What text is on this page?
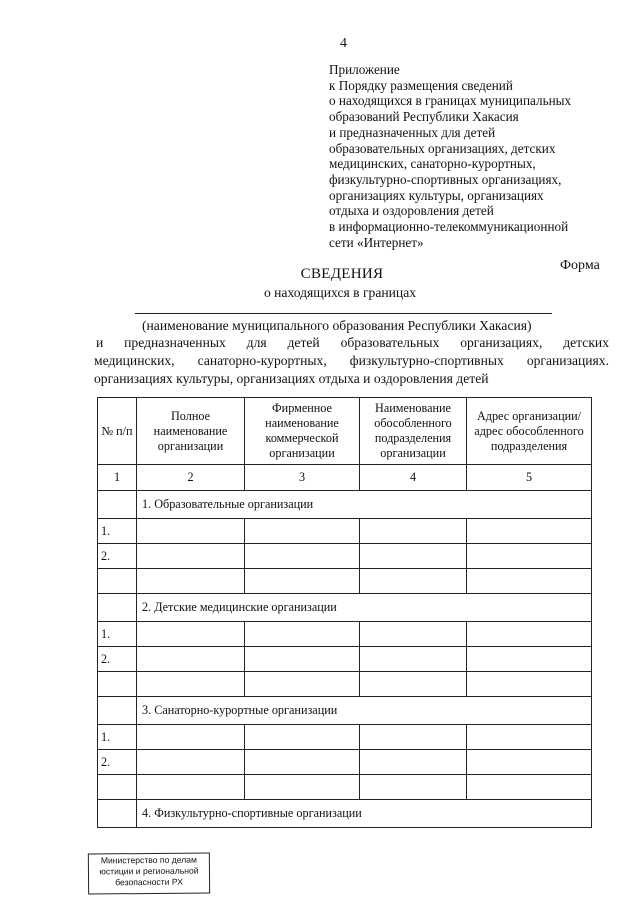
4
Приложение
к Порядку размещения сведений
о находящихся в границах муниципальных
образований Республики Хакасия
и предназначенных для детей
образовательных организациях, детских
медицинских, санаторно-курортных,
физкультурно-спортивных организациях,
организациях культуры, организациях
отдыха и оздоровления детей
в информационно-телекоммуникационной
сети «Интернет»
Форма
СВЕДЕНИЯ
о находящихся в границах
(наименование муниципального образования Республики Хакасия)
и предназначенных для детей образовательных организациях, детских
медицинских, санаторно-курортных, физкультурно-спортивных организациях.
организациях культуры, организациях отдыха и оздоровления детей
№ п/п	Полное наименование организации	Фирменное наименование коммерческой организации	Наименование обособленного подразделения организации	Адрес организации/адрес обособленного подразделения
1	2	3	4	5
	1. Образовательные организации			
1.				
2.				

	2. Детские медицинские организации			
1.				
2.				

	3. Санаторно-курортные организации			
1.				
2.				

	4. Физкультурно-спортивные организации			
Министерство по делам
юстиции и региональной
безопасности РХ
